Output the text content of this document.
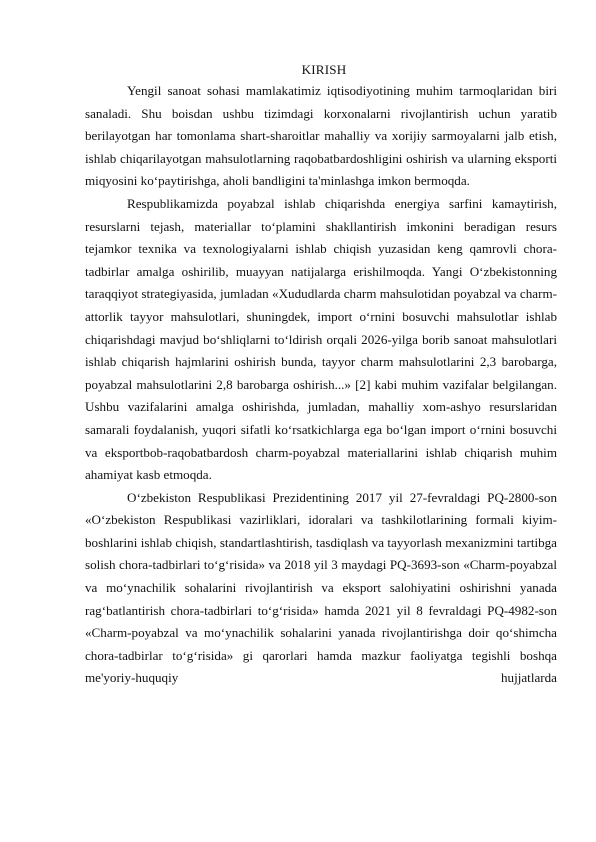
KIRISH

Yengil sanoat sohasi mamlakatimiz iqtisodiyotining muhim tarmoqlaridan biri sanaladi. Shu boisdan ushbu tizimdagi korxonalarni rivojlantirish uchun yaratib berilayotgan har tomonlama shart-sharoitlar mahalliy va xorijiy sarmoyalarni jalb etish, ishlab chiqarilayotgan mahsulotlarning raqobatbardoshligini oshirish va ularning eksporti miqyosini ko‘paytirishga, aholi bandligini ta'minlashga imkon bermoqda.

Respublikamizda poyabzal ishlab chiqarishda energiya sarfini kamaytirish, resurslarni tejash, materiallar to‘plamini shakllantirish imkonini beradigan resurs tejamkor texnika va texnologiyalarni ishlab chiqish yuzasidan keng qamrovli chora-tadbirlar amalga oshirilib, muayyan natijalarga erishilmoqda. Yangi O‘zbekistonning taraqqiyot strategiyasida, jumladan «Xududlarda charm mahsulotidan poyabzal va charm-attorlik tayyor mahsulotlari, shuningdek, import o‘rnini bosuvchi mahsulotlar ishlab chiqarishdagi mavjud bo‘shliqlarni to‘ldirish orqali 2026-yilga borib sanoat mahsulotlari ishlab chiqarish hajmlarini oshirish bunda, tayyor charm mahsulotlarini 2,3 barobarga, poyabzal mahsulotlarini 2,8 barobarga oshirish...» [2] kabi muhim vazifalar belgilangan. Ushbu vazifalarini amalga oshirishda, jumladan, mahalliy xom-ashyo resurslaridan samarali foydalanish, yuqori sifatli ko‘rsatkichlarga ega bo‘lgan import o‘rnini bosuvchi va eksportbob-raqobatbardosh charm-poyabzal materiallarini ishlab chiqarish muhim ahamiyat kasb etmoqda.

O‘zbekiston Respublikasi Prezidentining 2017 yil 27-fevraldagi PQ-2800-son «O‘zbekiston Respublikasi vazirliklari, idoralari va tashkilotlarining formali kiyim-boshlarini ishlab chiqish, standartlashtirish, tasdiqlash va tayyorlash mexanizmini tartibga solish chora-tadbirlari to‘g‘risida» va 2018 yil 3 maydagi PQ-3693-son «Charm-poyabzal va mo‘ynachilik sohalarini rivojlantirish va eksport salohiyatini oshirishni yanada rag‘batlantirish chora-tadbirlari to‘g‘risida» hamda 2021 yil 8 fevraldagi PQ-4982-son «Charm-poyabzal va mo‘ynachilik sohalarini yanada rivojlantirishga doir qo‘shimcha chora-tadbirlar to‘g‘risida» gi qarorlari hamda mazkur faoliyatga tegishli boshqa me'yoriy-huquqiy hujjatlarda
